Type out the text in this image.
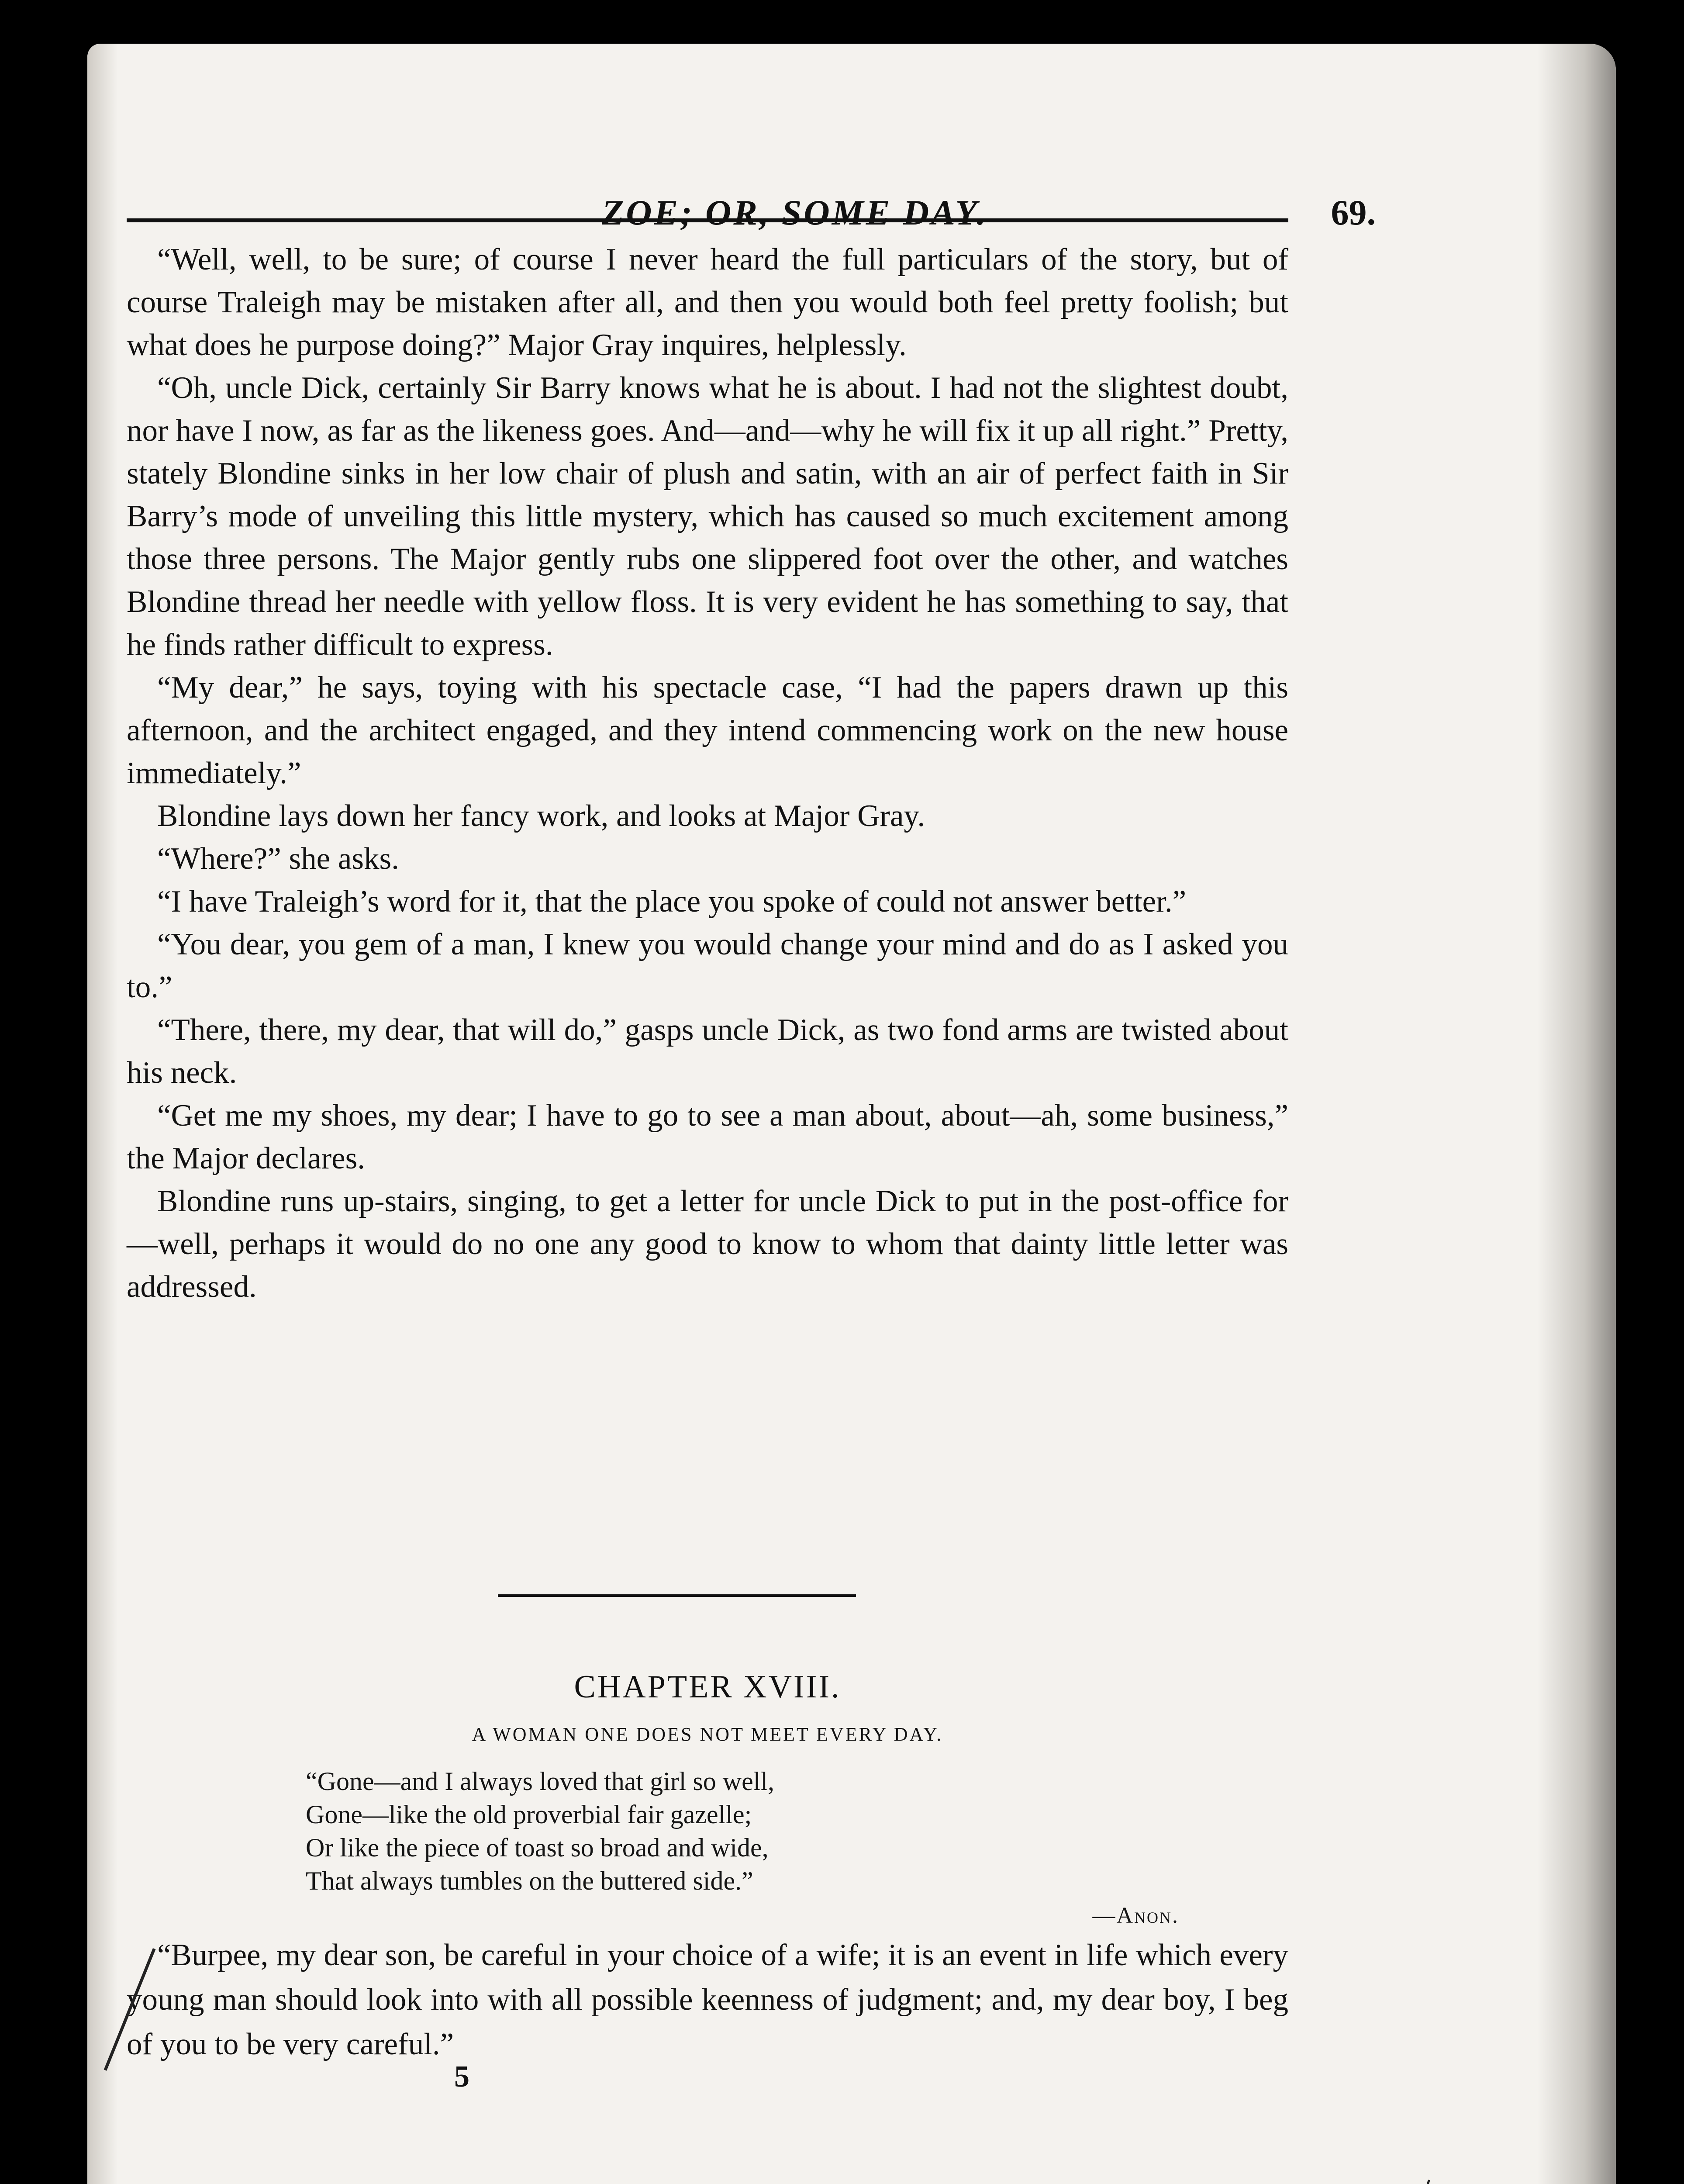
ZOE; OR, SOME DAY.	69.

“Well, well, to be sure; of course I never heard the full particulars of the story, but of course Traleigh may be mistaken after all, and then you would both feel pretty foolish; but what does he purpose doing?” Major Gray inquires, helplessly.

“Oh, uncle Dick, certainly Sir Barry knows what he is about. I had not the slightest doubt, nor have I now, as far as the likeness goes. And—and—why he will fix it up all right.” Pretty, stately Blondine sinks in her low chair of plush and satin, with an air of perfect faith in Sir Barry’s mode of unveiling this little mystery, which has caused so much excitement among those three persons. The Major gently rubs one slippered foot over the other, and watches Blondine thread her needle with yellow floss. It is very evident he has something to say, that he finds rather difficult to express.

“My dear,” he says, toying with his spectacle case, “I had the papers drawn up this afternoon, and the architect engaged, and they intend commencing work on the new house immediately.”

Blondine lays down her fancy work, and looks at Major Gray.

“Where?” she asks.

“I have Traleigh’s word for it, that the place you spoke of could not answer better.”

“You dear, you gem of a man, I knew you would change your mind and do as I asked you to.”

“There, there, my dear, that will do,” gasps uncle Dick, as two fond arms are twisted about his neck.

“Get me my shoes, my dear; I have to go to see a man about, about—ah, some business,” the Major declares.

Blondine runs up-stairs, singing, to get a letter for uncle Dick to put in the post-office for—well, perhaps it would do no one any good to know to whom that dainty little letter was addressed.

CHAPTER XVIII.
A WOMAN ONE DOES NOT MEET EVERY DAY.
“Gone—and I always loved that girl so well,
Gone—like the old proverbial fair gazelle;
Or like the piece of toast so broad and wide,
That always tumbles on the buttered side.”
—Anon.

“Burpee, my dear son, be careful in your choice of a wife; it is an event in life which every young man should look into with all possible keenness of judgment; and, my dear boy, I beg of you to be very careful.”

5
